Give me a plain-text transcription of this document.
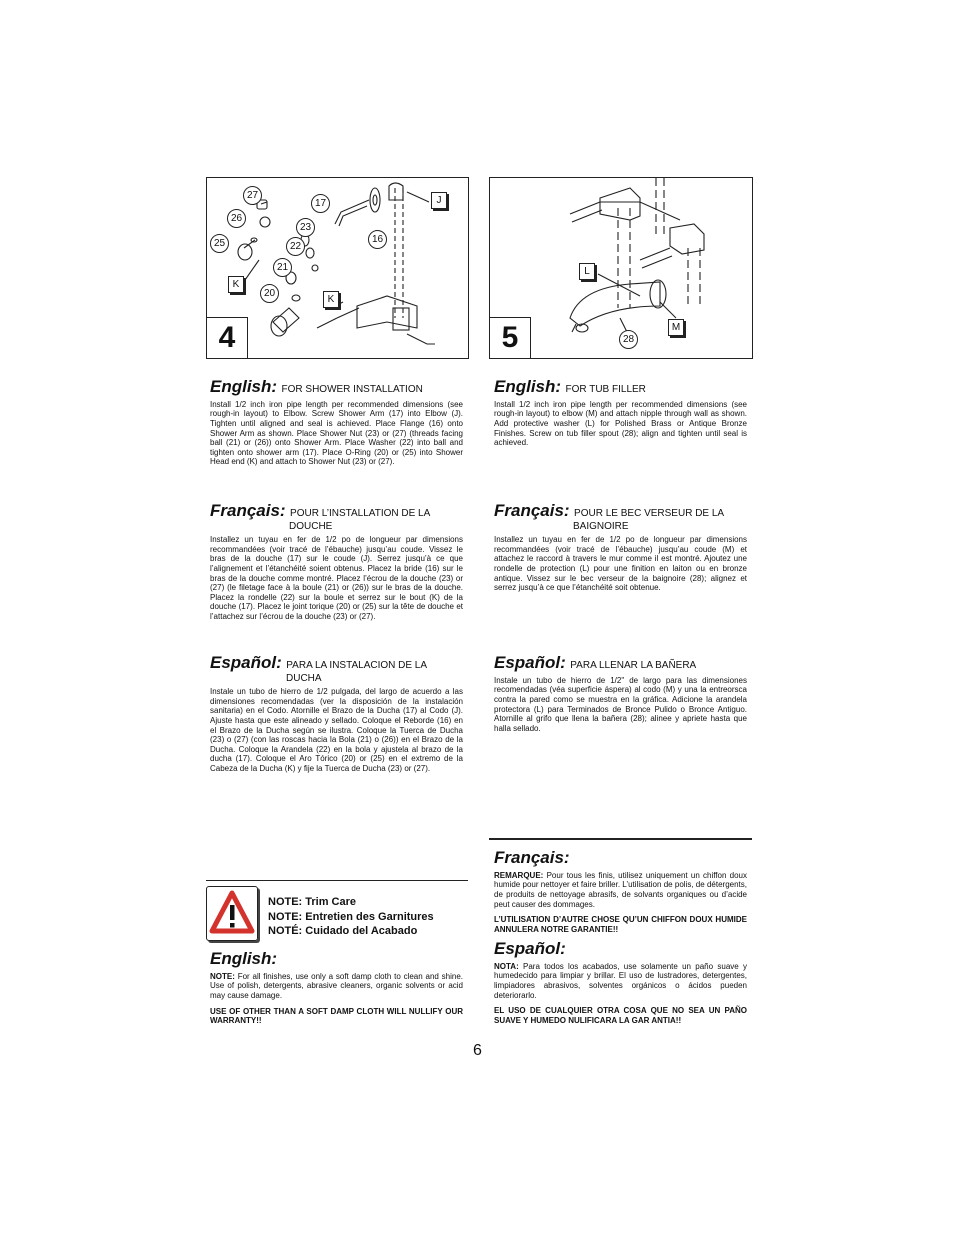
27
26
25
17
23
22
16
21
20
J
K
K
4
L
M
28
5

English: FOR SHOWER INSTALLATION

Install 1/2 inch iron pipe length per recommended dimensions (see rough-in layout) to Elbow. Screw Shower Arm (17) into Elbow (J). Tighten until aligned and seal is achieved. Place Flange (16) onto Shower Arm as shown. Place Shower Nut (23) or (27) (threads facing ball (21) or (26)) onto Shower Arm. Place Washer (22) into ball and tighten onto shower arm (17). Place O-Ring (20) or (25) into Shower Head end (K) and attach to Shower Nut (23) or (27).

Français: POUR L’INSTALLATION DE LA
DOUCHE

Installez un tuyau en fer de 1/2 po de longueur par dimensions recommandées (voir tracé de l’ébauche) jusqu’au coude. Vissez le bras de la douche (17) sur le coude (J). Serrez jusqu’à ce que l’alignement et l’étanchéité soient obtenus. Placez la bride (16) sur le bras de la douche comme montré. Placez l’écrou de la douche (23) or (27) (le filetage face à la boule (21) or (26)) sur le bras de la douche. Placez la rondelle (22) sur la boule et serrez sur le bout (K) de la douche (17). Placez le joint torique (20) or (25) sur la tête de douche et l’attachez sur l’écrou de la douche (23) or (27).

Español: PARA LA INSTALACION DE LA
DUCHA

Instale un tubo de hierro de 1/2 pulgada, del largo de acuerdo a las dimensiones recomendadas (ver la disposición de la instalación sanitaria) en el Codo. Atornille el Brazo de la Ducha (17) al Codo (J). Ajuste hasta que este alineado y sellado. Coloque el Reborde (16) en el Brazo de la Ducha según se ilustra. Coloque la Tuerca de Ducha (23) o (27) (con las roscas hacia la Bola (21) o (26)) en el Brazo de la Ducha. Coloque la Arandela (22) en la bola y ajustela al brazo de la ducha (17). Coloque el Aro Tórico (20) or (25) en el extremo de la Cabeza de la Ducha (K) y fije la Tuerca de Ducha (23) or (27).

English: FOR TUB FILLER

Install 1/2 inch iron pipe length per recommended dimensions (see rough-in layout) to elbow (M) and attach nipple through wall as shown. Add protective washer (L) for Polished Brass or Antique Bronze Finishes. Screw on tub filler spout (28); align and tighten until seal is achieved.

Français: POUR LE BEC VERSEUR DE LA
BAIGNOIRE

Installez un tuyau en fer de 1/2 po de longueur par dimensions recommandées (voir tracé de l’ébauche) jusqu’au coude (M) et attachez le raccord à travers le mur comme il est montré. Ajoutez une rondelle de protection (L) pour une finition en laiton ou en bronze antique. Vissez sur le bec verseur de la baignoire (28); alignez et serrez jusqu’à ce que l’étanchéité soit obtenue.

Español: PARA LLENAR LA BAÑERA

Instale un tubo de hierro de 1/2" de largo para las dimensiones recomendadas (véa superficie áspera) al codo (M) y una la entreorsca contra la pared como se muestra en la gráfica. Adicione la arandela protectora (L) para Terminados de Bronce Pulido o Bronce Antiguo. Atornille al grifo que llena la bañera (28); alinee y apriete hasta que halla sellado.

NOTE: Trim Care
NOTE: Entretien des Garnitures
NOTÉ: Cuidado del Acabado

English:

NOTE: For all finishes, use only a soft damp cloth to clean and shine. Use of polish, detergents, abrasive cleaners, organic solvents or acid may cause damage.

USE OF OTHER THAN A SOFT DAMP CLOTH WILL NULLIFY OUR WARRANTY!!

Français:

REMARQUE: Pour tous les finis, utilisez uniquement un chiffon doux humide pour nettoyer et faire briller. L’utilisation de polis, de détergents, de produits de nettoyage abrasifs, de solvants organiques ou d’acide peut causer des dommages.

L’UTILISATION D’AUTRE CHOSE QU’UN CHIFFON DOUX HUMIDE ANNULERA NOTRE GARANTIE!!

Español:

NOTA: Para todos los acabados, use solamente un paño suave y humedecido para limpiar y brillar. El uso de lustradores, detergentes, limpiadores abrasivos, solventes orgánicos o ácidos pueden deteriorarlo.

EL USO DE CUALQUIER OTRA COSA QUE NO SEA UN PAÑO SUAVE Y HUMEDO NULIFICARA LA GAR ANTIA!!

6
